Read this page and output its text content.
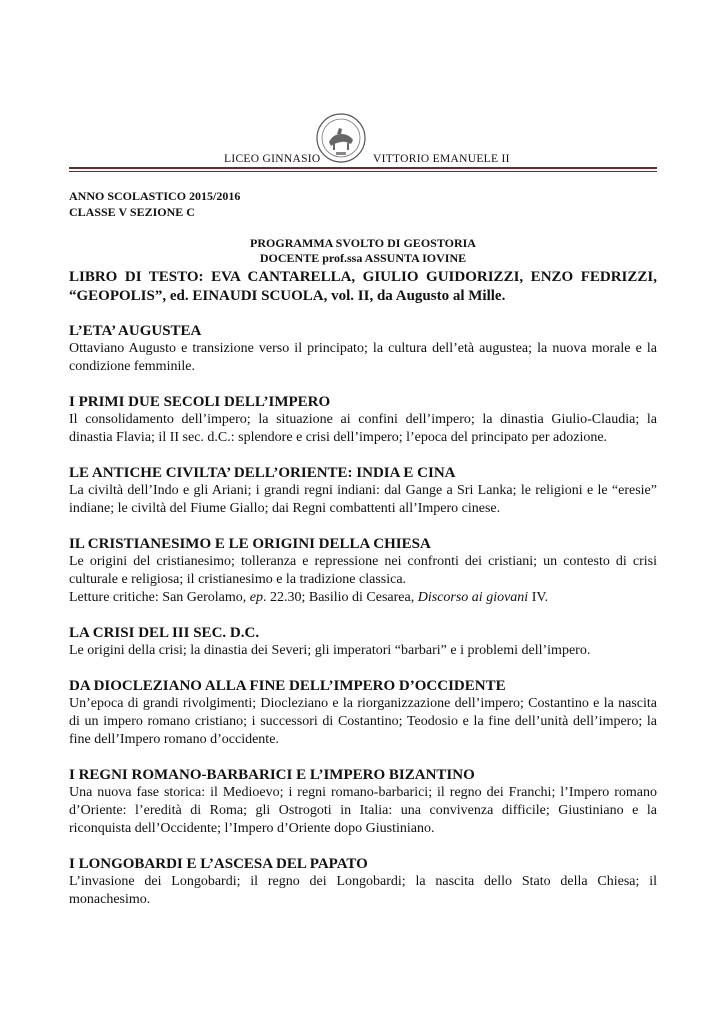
LICEO GINNASIO	VITTORIO EMANUELE II
ANNO SCOLASTICO 2015/2016
CLASSE V SEZIONE C
PROGRAMMA SVOLTO DI GEOSTORIA
DOCENTE prof.ssa ASSUNTA IOVINE
LIBRO DI TESTO: EVA CANTARELLA, GIULIO GUIDORIZZI, ENZO FEDRIZZI, “GEOPOLIS”, ed. EINAUDI SCUOLA, vol. II, da Augusto al Mille.
L’ETA’ AUGUSTEA
Ottaviano Augusto e transizione verso il principato; la cultura dell’età augustea; la nuova morale e la condizione femminile.
I PRIMI DUE SECOLI DELL’IMPERO
Il consolidamento dell’impero; la situazione ai confini dell’impero; la dinastia Giulio-Claudia; la dinastia Flavia; il II sec. d.C.: splendore e crisi dell’impero; l’epoca del principato per adozione.
LE ANTICHE CIVILTA’ DELL’ORIENTE: INDIA E CINA
La civiltà dell’Indo e gli Ariani; i grandi regni indiani: dal Gange a Sri Lanka; le religioni e le “eresie” indiane; le civiltà del Fiume Giallo; dai Regni combattenti all’Impero cinese.
IL CRISTIANESIMO E LE ORIGINI DELLA CHIESA
Le origini del cristianesimo; tolleranza e repressione nei confronti dei cristiani; un contesto di crisi culturale e religiosa; il cristianesimo e la tradizione classica.
Letture critiche: San Gerolamo, ep. 22.30; Basilio di Cesarea, Discorso ai giovani IV.
LA CRISI DEL III SEC. D.C.
Le origini della crisi; la dinastia dei Severi; gli imperatori “barbari” e i problemi dell’impero.
DA DIOCLEZIANO ALLA FINE DELL’IMPERO D’OCCIDENTE
Un’epoca di grandi rivolgimenti; Diocleziano e la riorganizzazione dell’impero; Costantino e la nascita di un impero romano cristiano; i successori di Costantino; Teodosio e la fine dell’unità dell’impero; la fine dell’Impero romano d’occidente.
I REGNI ROMANO-BARBARICI E L’IMPERO BIZANTINO
Una nuova fase storica: il Medioevo; i regni romano-barbarici; il regno dei Franchi; l’Impero romano d’Oriente: l’eredità di Roma; gli Ostrogoti in Italia: una convivenza difficile; Giustiniano e la riconquista dell’Occidente; l’Impero d’Oriente dopo Giustiniano.
I LONGOBARDI E L’ASCESA DEL PAPATO
L’invasione dei Longobardi; il regno dei Longobardi; la nascita dello Stato della Chiesa; il monachesimo.
